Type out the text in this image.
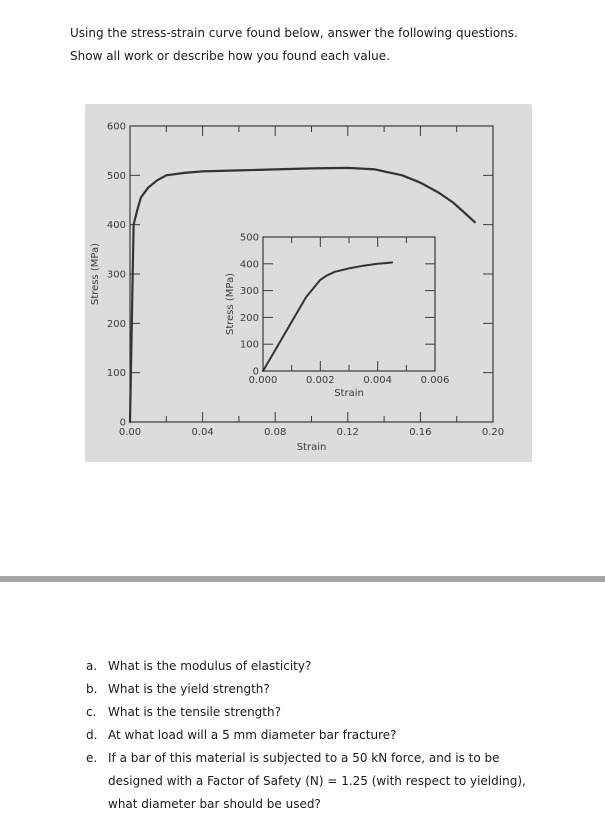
Using the stress-strain curve found below, answer the following questions. Show all work or describe how you found each value.
0.00	0.04	0.08	0.12	0.16	0.20
0
100
200
300
400
500
600
Strain
Stress (MPa)
0.000	0.002	0.004	0.006
0
100
200
300
400
500
Strain
Stress (MPa)
a. What is the modulus of elasticity?
b. What is the yield strength?
c. What is the tensile strength?
d. At what load will a 5 mm diameter bar fracture?
e. If a bar of this material is subjected to a 50 kN force, and is to be designed with a Factor of Safety (N) = 1.25 (with respect to yielding), what diameter bar should be used?
